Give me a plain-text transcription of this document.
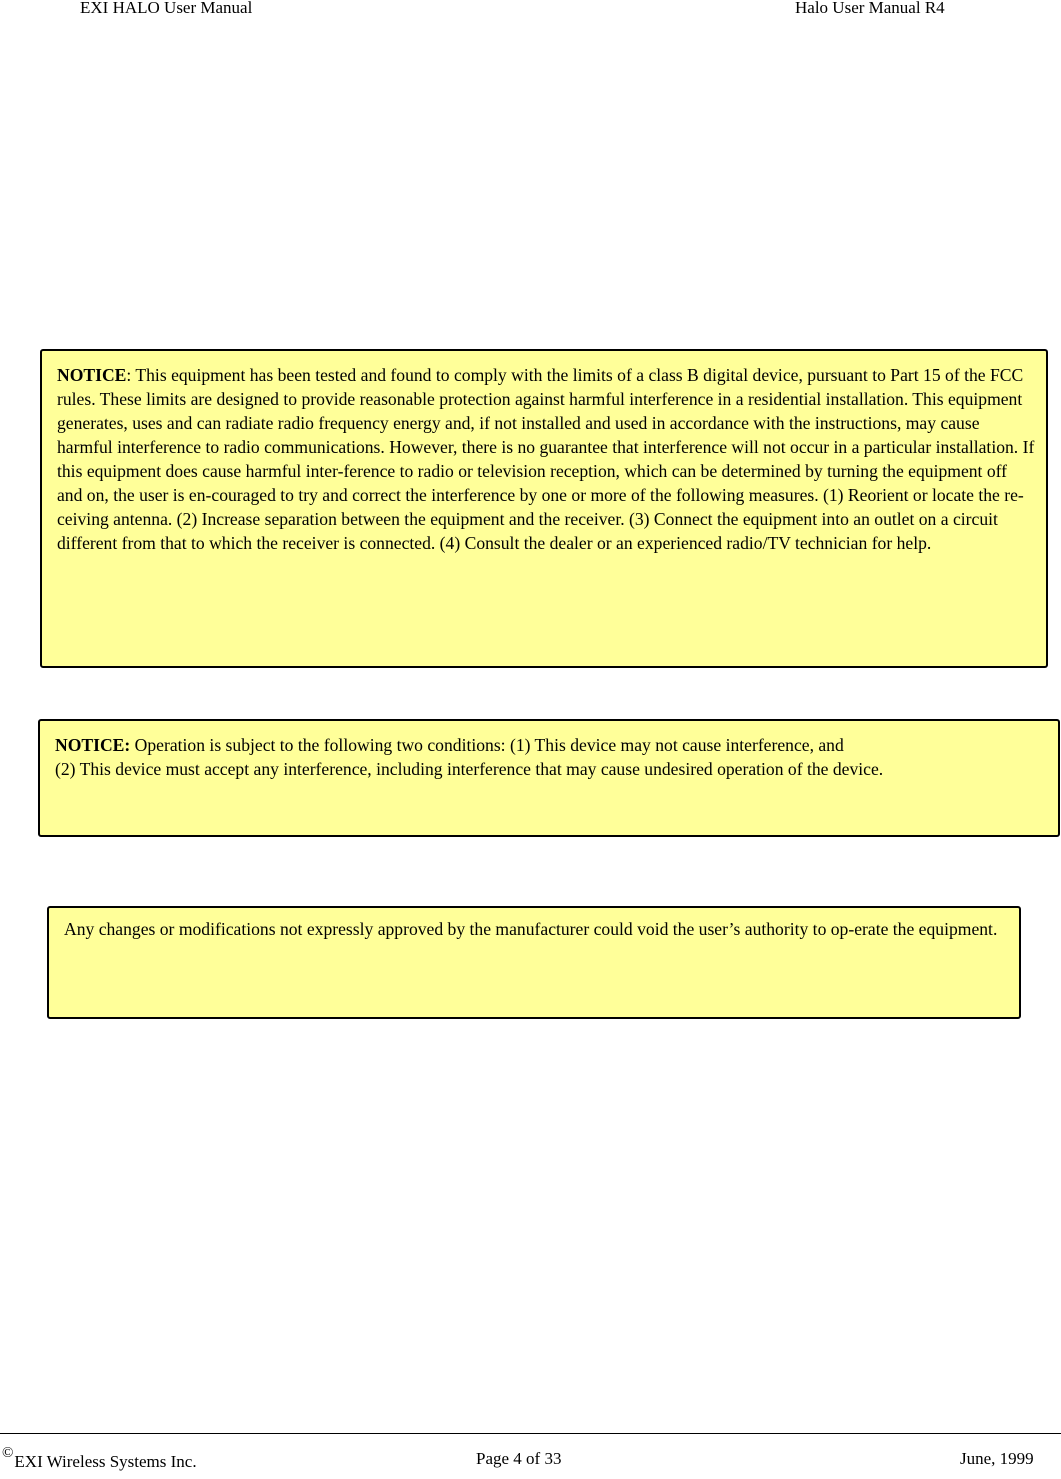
EXI HALO User Manual	Halo User Manual R4
NOTICE: This equipment has been tested and found to comply with the limits of a class B digital device, pursuant to Part 15 of the FCC rules. These limits are designed to provide reasonable protection against harmful interference in a residential installation. This equipment generates, uses and can radiate radio frequency energy and, if not installed and used in accordance with the instructions, may cause harmful interference to radio communications. However, there is no guarantee that interference will not occur in a particular installation. If this equipment does cause harmful inter-ference to radio or television reception, which can be determined by turning the equipment off and on, the user is en-couraged to try and correct the interference by one or more of the following measures. (1) Reorient or locate the re-ceiving antenna. (2) Increase separation between the equipment and the receiver. (3) Connect the equipment into an outlet on a circuit different from that to which the receiver is connected. (4) Consult the dealer or an experienced radio/TV technician for help.
NOTICE: Operation is subject to the following two conditions: (1) This device may not cause interference, and
(2) This device must accept any interference, including interference that may cause undesired operation of the device.
Any changes or modifications not expressly approved by the manufacturer could void the user’s authority to op-erate the equipment.
©EXI Wireless Systems Inc.	Page 4 of 33	June, 1999
